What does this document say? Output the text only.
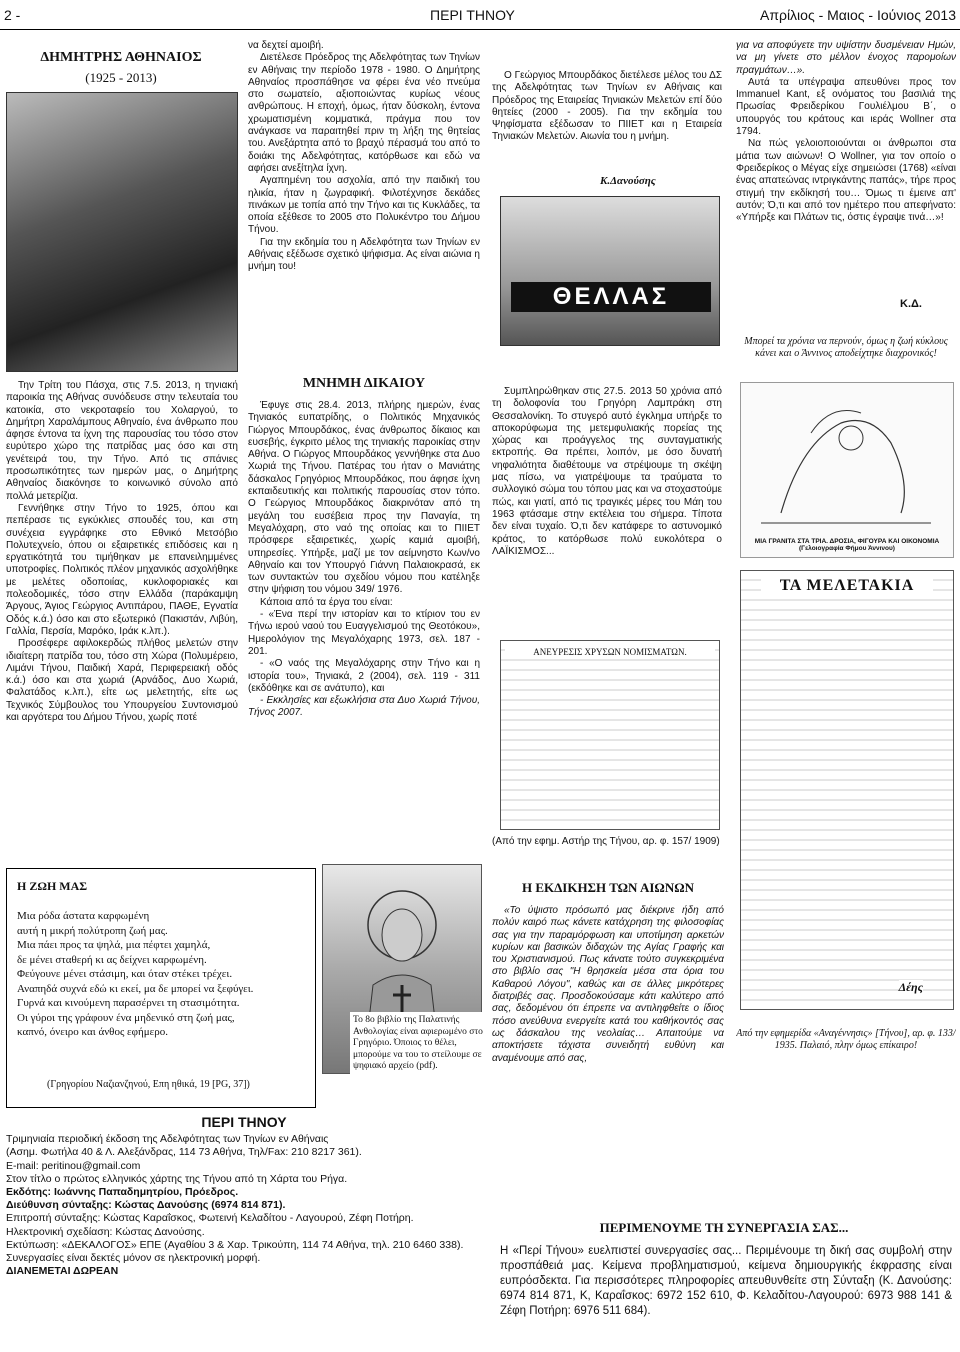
2 -	ΠΕΡΙ ΤΗΝΟΥ	Απρίλιος - Μαιος - Ιούνιος 2013
ΔΗΜΗΤΡΗΣ ΑΘΗΝΑΙΟΣ
(1925 - 2013)

Την Τρίτη του Πάσχα, στις 7.5. 2013, η τηνιακή παροικία της Αθήνας συνόδευσε στην τελευταία του κατοικία, στο νεκροταφείο του Χολαργού, το Δημήτρη Χαραλάμπους Αθηναίο, ένα άνθρωπο που άφησε έντονα τα ίχνη της παρουσίας του τόσο στον ευρύτερο χώρο της πατρίδας μας όσο και στη γενέτειρά του, την Τήνο. Από τις σπάνιες προσωπικότητες των ημερών μας, ο Δημήτρης Αθηναίος διακόνησε το κοινωνικό σύνολο από πολλά μετερίζια.

Γεννήθηκε στην Τήνο το 1925, όπου και πεπέρασε τις εγκύκλιες σπουδές του, και στη συνέχεια εγγράφηκε στο Εθνικό Μετσόβιο Πολυτεχνείο, όπου οι εξαιρετικές επιδόσεις και η εργατικότητά του τιμήθηκαν με επανειλημμένες υποτροφίες. Πολιτικός πλέον μηχανικός ασχολήθηκε με μελέτες οδοποιίας, κυκλοφοριακές και πολεοδομικές, τόσο στην Ελλάδα (παράκαμψη Άργους, Άγιος Γεώργιος Αντιπάρου, ΠΑΘΕ, Εγνατία Οδός κ.ά.) όσο και στο εξωτερικό (Πακιστάν, Λιβύη, Γαλλία, Περσία, Μαρόκο, Ιράκ κ.λπ.).

Προσέφερε αφιλοκερδώς πλήθος μελετών στην ιδιαίτερη πατρίδα του, τόσο στη Χώρα (Πολυμέρειο, Λιμάνι Τήνου, Παιδική Χαρά, Περιφερειακή οδός κ.ά.) όσο και στα χωριά (Αρνάδος, Δυο Χωριά, Φαλατάδος κ.λπ.), είτε ως μελετητής, είτε ως Τεχνικός Σύμβουλος του Υπουργείου Συντονισμού και αργότερα του Δήμου Τήνου, χωρίς ποτέ

να δεχτεί αμοιβή.

Διετέλεσε Πρόεδρος της Αδελφότητας των Τηνίων εν Αθήναις την περίοδο 1978 - 1980. Ο Δημήτρης Αθηναίος προσπάθησε να φέρει ένα νέο πνεύμα στο σωματείο, αξιοποιώντας κυρίως νέους ανθρώπους. Η εποχή, όμως, ήταν δύσκολη, έντονα χρωματισμένη κομματικά, πράγμα που τον ανάγκασε να παραιτηθεί πριν τη λήξη της θητείας του. Ανεξάρτητα από το βραχύ πέρασμά του από το δοιάκι της Αδελφότητας, κατόρθωσε και εδώ να αφήσει ανεξίτηλα ίχνη.

Αγαπημένη του ασχολία, από την παιδική του ηλικία, ήταν η ζωγραφική. Φιλοτέχνησε δεκάδες πινάκων με τοπία από την Τήνο και τις Κυκλάδες, τα οποία εξέθεσε το 2005 στο Πολυκέντρο του Δήμου Τήνου.

Για την εκδημία του η Αδελφότητα των Τηνίων εν Αθήναις εξέδωσε σχετικό ψήφισμα. Ας είναι αιώνια η μνήμη του!

ΜΝΗΜΗ ΔΙΚΑΙΟΥ

Έφυγε στις 28.4. 2013, πλήρης ημερών, ένας Τηνιακός ευπατρίδης, ο Πολιτικός Μηχανικός Γιώργος Μπουρδάκος, ένας άνθρωπος δίκαιος και ευσεβής, έγκριτο μέλος της τηνιακής παροικίας στην Αθήνα. Ο Γιώργος Μπουρδάκος γεννήθηκε στα Δυο Χωριά της Τήνου. Πατέρας του ήταν ο Μανιάτης δάσκαλος Γρηγόριος Μπουρδάκος, που άφησε ίχνη εκπαιδευτικής και πολιτικής παρουσίας στον τόπο. Ο Γεώργιος Μπουρδάκος διακρινόταν από τη μεγάλη του ευσέβεια προς την Παναγία, τη Μεγαλόχαρη, στο ναό της οποίας και το ΠΙΙΕΤ πρόσφερε εξαιρετικές, χωρίς καμιά αμοιβή, υπηρεσίες. Υπήρξε, μαζί με τον αείμνηστο Κων/νο Αθηναίο και τον Υπουργό Γιάννη Παλαιοκρασά, εκ των συντακτών του σχεδίου νόμου που κατέληξε στην ψήφιση του νόμου 349/ 1976.

Κάποια από τα έργα του είναι:

- «Ένα περί την ιστορίαν και το κτίριον του εν Τήνω ιερού ναού του Ευαγγελισμού της Θεοτόκου», Ημερολόγιον της Μεγαλόχαρης 1973, σελ. 187 - 201.

- «Ο ναός της Μεγαλόχαρης στην Τήνο και η ιστορία του», Τηνιακά, 2 (2004), σελ. 119 - 311 (εκδόθηκε και σε ανάτυπο), και

- Εκκλησίες και εξωκλήσια στα Δυο Χωριά Τήνου, Τήνος 2007.

Ο Γεώργιος Μπουρδάκος διετέλεσε μέλος του ΔΣ της Αδελφότητας των Τηνίων εν Αθήναις και Πρόεδρος της Εταιρείας Τηνιακών Μελετών επί δύο θητείες (2000 - 2005). Για την εκδημία του Ψηφίσματα εξέδωσαν το ΠΙΙΕΤ και η Εταιρεία Τηνιακών Μελετών. Αιωνία του η μνήμη.

Κ.Δανούσης
ΘΕΛΛΑΣ

Συμπληρώθηκαν στις 27.5. 2013 50 χρόνια από τη δολοφονία του Γρηγόρη Λαμπράκη στη Θεσσαλονίκη. Το στυγερό αυτό έγκλημα υπήρξε το αποκορύφωμα της μετεμφυλιακής πορείας της χώρας και προάγγελος της συνταγματικής εκτροπής. Θα πρέπει, λοιπόν, με όσο δυνατή νηφαλιότητα διαθέτουμε να στρέψουμε τη σκέψη μας πίσω, να γιατρέψουμε τα τραύματα το συλλογικό σώμα του τόπου μας και να στοχαστούμε πώς, και γιατί, από τις τραγικές μέρες του Μάη του 1963 φτάσαμε στην εκτέλεια του σήμερα. Τίποτα δεν είναι τυχαίο. Ό,τι δεν κατάφερε το αστυνομικό κράτος, το κατόρθωσε πολύ ευκολότερα ο ΛΑΪΚΙΣΜΟΣ...

ΑΝΕΥΡΕΣΙΣ ΧΡΥΣΩΝ ΝΟΜΙΣΜΑΤΩΝ.
(Από την εφημ. Αστήρ της Τήνου, αρ. φ. 157/ 1909)
Η ΕΚΔΙΚΗΣΗ ΤΩΝ ΑΙΩΝΩΝ

«Το ύψιστο πρόσωπό μας διέκρινε ήδη από πολύν καιρό πως κάνετε κατάχρηση της φιλοσοφίας σας για την παραμόρφωση και υποτίμηση αρκετών κυρίων και βασικών διδαχών της Αγίας Γραφής και του Χριστιανισμού. Πως κάνατε τούτο συγκεκριμένα στο βιβλίο σας "Η θρησκεία μέσα στα όρια του Καθαρού Λόγου", καθώς και σε άλλες μικρότερες διατριβές σας. Προσδοκούσαμε κάτι καλύτερο από σας, δεδομένου ότι έπρεπε να αντιληφθείτε ο ίδιος πόσο ανεύθυνα ενεργείτε κατά του καθήκοντός σας ως δάσκαλου της νεολαίας… Απαιτούμε να αποκτήσετε τάχιστα συνειδητή ευθύνη και αναμένουμε από σας,

για να αποφύγετε την υψίστην δυσμένειαν Ημών, να μη γίνετε στο μέλλον ένοχος παρομοίων πραγμάτων…».

Αυτά τα υπέγραψα απευθύνει προς τον Immanuel Kant, εξ ονόματος του βασιλιά της Πρωσίας Φρειδερίκου Γουλιέλμου Β΄, ο υπουργός του κράτους και ιεράς Wollner στα 1794.

Να πώς γελοιοποιούνται οι άνθρωποι στα μάτια των αιώνων! Ο Wollner, για τον οποίο ο Φρειδερίκος ο Μέγας είχε σημειώσει (1768) «είναι ένας απατεώνας ιντριγκάντης παπάς», τήρε προς στιγμή την εκδίκησή του… Όμως τι έμεινε απ' αυτόν; Ό,τι και από τον ημέτερο που απεφήνατο: «Υπήρξε και Πλάτων τις, όστις έγραψε τινά…»!

Κ.Δ.
Μπορεί τα χρόνια να περνούν, όμως η ζωή κύκλους κάνει και ο Άννινος αποδείχτηκε διαχρονικός!
ΜΙΑ ΓΡΑΝΙΤΑ ΣΤΑ ΤΡΙΑ. ΔΡΟΣΙΑ, ΦΙΓΟΥΡΑ ΚΑΙ ΟΙΚΟΝΟΜΙΑ (Γελοιογραφία Φήμου Άννινου)
ΤΑ ΜΕΛΕΤΑΚΙΑ
Δέης
Από την εφημερίδα «Αναγέννησις» [Τήνου], αρ. φ. 133/ 1935. Παλαιό, πλην όμως επίκαιρο!
Η ΖΩΗ ΜΑΣ
Μια ρόδα άστατα καρφωμένη
αυτή η μικρή πολύτροπη ζωή μας.
Μια πάει προς τα ψηλά, μια πέφτει χαμηλά,
δε μένει σταθερή κι ας δείχνει καρφωμένη.
Φεύγουνε μένει στάσιμη, και όταν στέκει τρέχει.
Αναπηδά συχνά εδώ κι εκεί, μα δε μπορεί να ξεφύγει.
Γυρνά και κινούμενη παρασέρνει τη στασιμότητα.
Οι γύροι της γράφουν ένα μηδενικό στη ζωή μας,
καπνό, όνειρο και άνθος εφήμερο.
(Γρηγορίου Ναζιανζηνού, Επη ηθικά, 19 [PG, 37])
Το 8ο βιβλίο της Παλατινής Ανθολογίας είναι αφιερωμένο στο Γρηγόριο. Όποιος το θέλει, μπορούμε να του το στείλουμε σε ψηφιακό αρχείο (pdf).
ΠΕΡΙ ΤΗΝΟΥ
Τριμηνιαία περιοδική έκδοση της Αδελφότητας των Τηνίων εν Αθήναις
(Ασημ. Φωτήλα 40 & Λ. Αλεξάνδρας, 114 73 Αθήνα, Τηλ/Fax: 210 8217 361).
E-mail: peritinou@gmail.com
Στον τίτλο ο πρώτος ελληνικός χάρτης της Τήνου από τη Χάρτα του Ρήγα.
Εκδότης: Ιωάννης Παπαδημητρίου, Πρόεδρος.
Διεύθυνση σύνταξης: Κώστας Δανούσης (6974 814 871).
Επιτροπή σύνταξης: Κώστας Καραΐσκος, Φωτεινή Κελαδίτου - Λαγουρού, Ζέφη Ποτήρη.
Ηλεκτρονική σχεδίαση: Κώστας Δανούσης.
Εκτύπωση: «ΔΕΚΑΛΟΓΟΣ» ΕΠΕ (Αγαθίου 3 & Χαρ. Τρικούπη, 114 74 Αθήνα, τηλ. 210 6460 338).
Συνεργασίες είναι δεκτές μόνον σε ηλεκτρονική μορφή.
ΔΙΑΝΕΜΕΤΑΙ ΔΩΡΕΑΝ
ΠΕΡΙΜΕΝΟΥΜΕ ΤΗ ΣΥΝΕΡΓΑΣΙΑ ΣΑΣ...
Η «Περί Τήνου» ευελπιστεί συνεργασίες σας... Περιμένουμε τη δική σας συμβολή στην προσπάθειά μας. Κείμενα προβληματισμού, κείμενα δημιουργικής έκφρασης είναι ευπρόσδεκτα. Για περισσότερες πληροφορίες απευθυνθείτε στη Σύνταξη (Κ. Δανούσης: 6974 814 871, Κ, Καραΐσκος: 6972 152 610, Φ. Κελαδίτου-Λαγουρού: 6973 988 141 & Ζέφη Ποτήρη: 6976 511 684).
